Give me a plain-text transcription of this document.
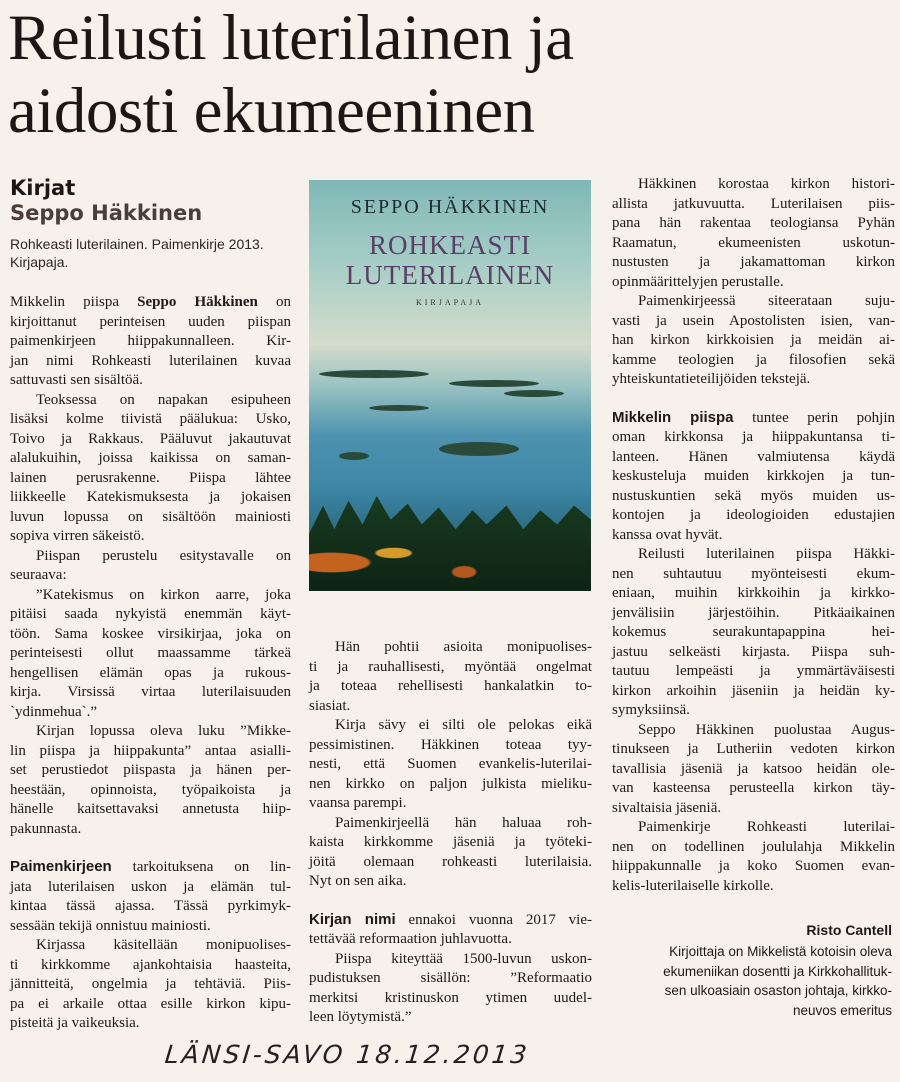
Reilusti luterilainen ja
aidosti ekumeeninen
Kirjat
Seppo Häkkinen
Rohkeasti luterilainen. Paimenkirje 2013.
Kirjapaja.
SEPPO HÄKKINEN
ROHKEASTI
LUTERILAINEN
KIRJAPAJA
Mikkelin piispa Seppo Häkkinen on
kirjoittanut perinteisen uuden piispan
paimenkirjeen hiippakunnalleen. Kir-
jan nimi Rohkeasti luterilainen kuvaa
sattuvasti sen sisältöä.
Teoksessa on napakan esipuheen
lisäksi kolme tiivistä päälukua: Usko,
Toivo ja Rakkaus. Pääluvut jakautuvat
alalukuihin, joissa kaikissa on saman-
lainen perusrakenne. Piispa lähtee
liikkeelle Katekismuksesta ja jokaisen
luvun lopussa on sisältöön mainiosti
sopiva virren säkeistö.
Piispan perustelu esitystavalle on
seuraava:
”Katekismus on kirkon aarre, joka
pitäisi saada nykyistä enemmän käyt-
töön. Sama koskee virsikirjaa, joka on
perinteisesti ollut maassamme tärkeä
hengellisen elämän opas ja rukous-
kirja. Virsissä virtaa luterilaisuuden
`ydinmehua`.”
Kirjan lopussa oleva luku ”Mikke-
lin piispa ja hiippakunta” antaa asialli-
set perustiedot piispasta ja hänen per-
heestään, opinnoista, työpaikoista ja
hänelle kaitsettavaksi annetusta hiip-
pakunnasta.
Paimenkirjeen tarkoituksena on lin-
jata luterilaisen uskon ja elämän tul-
kintaa tässä ajassa. Tässä pyrkimyk-
sessään tekijä onnistuu mainiosti.
Kirjassa käsitellään monipuolises-
ti kirkkomme ajankohtaisia haasteita,
jännitteitä, ongelmia ja tehtäviä. Piis-
pa ei arkaile ottaa esille kirkon kipu-
pisteitä ja vaikeuksia.
Hän pohtii asioita monipuolises-
ti ja rauhallisesti, myöntää ongelmat
ja toteaa rehellisesti hankalatkin to-
siasiat.
Kirja sävy ei silti ole pelokas eikä
pessimistinen. Häkkinen toteaa tyy-
nesti, että Suomen evankelis-luterilai-
nen kirkko on paljon julkista mieliku-
vaansa parempi.
Paimenkirjeellä hän haluaa roh-
kaista kirkkomme jäseniä ja työteki-
jöitä olemaan rohkeasti luterilaisia.
Nyt on sen aika.
Kirjan nimi ennakoi vuonna 2017 vie-
tettävää reformaation juhlavuotta.
Piispa kiteyttää 1500-luvun uskon-
pudistuksen sisällön: ”Reformaatio
merkitsi kristinuskon ytimen uudel-
leen löytymistä.”
Häkkinen korostaa kirkon histori-
allista jatkuvuutta. Luterilaisen piis-
pana hän rakentaa teologiansa Pyhän
Raamatun, ekumeenisten uskotun-
nustusten ja jakamattoman kirkon
opinmäärittelyjen perustalle.
Paimenkirjeessä siteerataan suju-
vasti ja usein Apostolisten isien, van-
han kirkon kirkkoisien ja meidän ai-
kamme teologien ja filosofien sekä
yhteiskuntatieteilijöiden tekstejä.
Mikkelin piispa tuntee perin pohjin
oman kirkkonsa ja hiippakuntansa ti-
lanteen. Hänen valmiutensa käydä
keskusteluja muiden kirkkojen ja tun-
nustuskuntien sekä myös muiden us-
kontojen ja ideologioiden edustajien
kanssa ovat hyvät.
Reilusti luterilainen piispa Häkki-
nen suhtautuu myönteisesti ekum-
eniaan, muihin kirkkoihin ja kirkko-
jenvälisiin järjestöihin. Pitkäaikainen
kokemus seurakuntapappina hei-
jastuu selkeästi kirjasta. Piispa suh-
tautuu lempeästi ja ymmärtäväisesti
kirkon arkoihin jäseniin ja heidän ky-
symyksiinsä.
Seppo Häkkinen puolustaa Augus-
tinukseen ja Lutheriin vedoten kirkon
tavallisia jäseniä ja katsoo heidän ole-
van kasteensa perusteella kirkon täy-
sivaltaisia jäseniä.
Paimenkirje Rohkeasti luterilai-
nen on todellinen joululahja Mikkelin
hiippakunnalle ja koko Suomen evan-
kelis-luterilaiselle kirkolle.
Risto Cantell
Kirjoittaja on Mikkelistä kotoisin oleva
ekumeniikan dosentti ja Kirkkohallituk-
sen ulkoasiain osaston johtaja, kirkko-
neuvos emeritus
LÄNSI-SAVO 18.12.2013
